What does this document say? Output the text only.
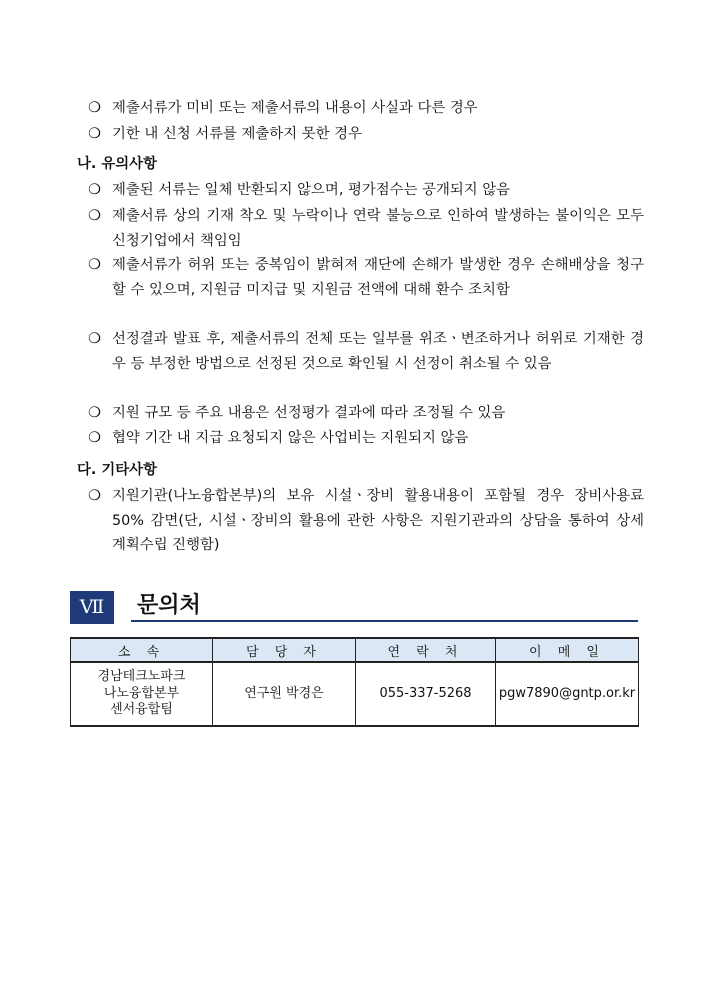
❍ 제출서류가 미비 또는 제출서류의 내용이 사실과 다른 경우
❍ 기한 내 신청 서류를 제출하지 못한 경우
나. 유의사항
❍ 제출된 서류는 일체 반환되지 않으며, 평가점수는 공개되지 않음
❍ 제출서류 상의 기재 착오 및 누락이나 연락 불능으로 인하여 발생하는 불이익은 모두 신청기업에서 책임임
❍ 제출서류가 허위 또는 중복임이 밝혀져 재단에 손해가 발생한 경우 손해배상을 청구할 수 있으며, 지원금 미지급 및 지원금 전액에 대해 환수 조치함
❍ 선정결과 발표 후, 제출서류의 전체 또는 일부를 위조ㆍ변조하거나 허위로 기재한 경우 등 부정한 방법으로 선정된 것으로 확인될 시 선정이 취소될 수 있음
❍ 지원 규모 등 주요 내용은 선정평가 결과에 따라 조정될 수 있음
❍ 협약 기간 내 지급 요청되지 않은 사업비는 지원되지 않음
다. 기타사항
❍ 지원기관(나노융합본부)의 보유 시설ㆍ장비 활용내용이 포함될 경우 장비사용료 50% 감면(단, 시설ㆍ장비의 활용에 관한 사항은 지원기관과의 상담을 통하여 상세 계획수립 진행함)
Ⅶ	문의처
소 속	담 당 자	연 락 처	이 메 일

경남테크노파크
나노융합본부
센서융합팀	연구원 박경은	055-337-5268	pgw7890@gntp.or.kr
